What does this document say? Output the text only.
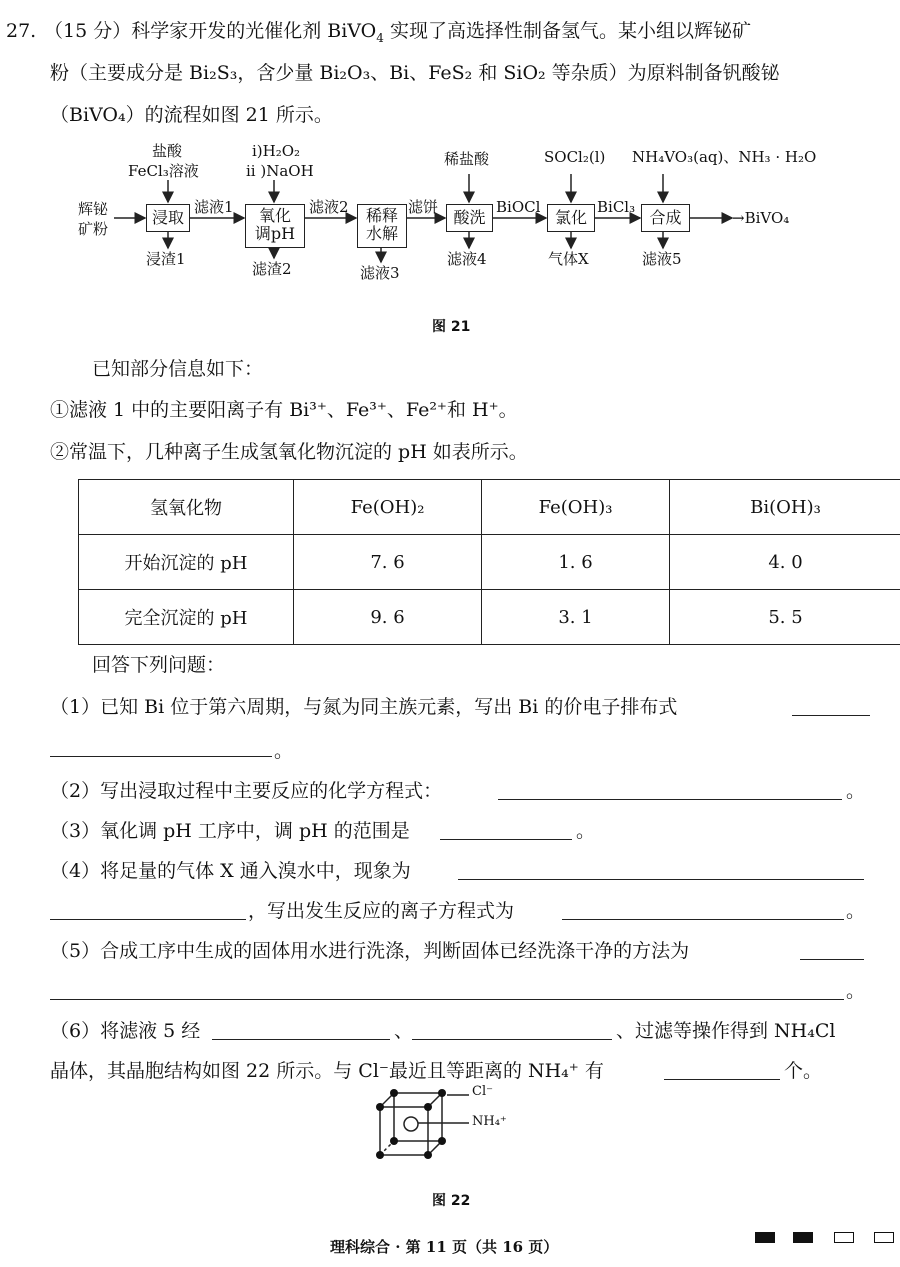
27. （15 分）科学家开发的光催化剂 BiVO$_4$ 实现了高选择性制备氢气。某小组以辉铋矿
粉（主要成分是 Bi₂S₃，含少量 Bi₂O₃、Bi、FeS₂ 和 SiO₂ 等杂质）为原料制备钒酸铋
（BiVO₄）的流程如图 21 所示。
辉铋
矿粉
盐酸
FeCl₃溶液
i)H₂O₂
ii )NaOH
稀盐酸	SOCl₂(l) NH₄VO₃(aq)、NH₃ · H₂O
浸取	氧化
调pH
稀释
水解
酸洗	氯化	合成
滤液1	滤液2	滤饼	BiOCl	BiCl₃
→BiVO₄
浸渣1
滤渣2	滤液3
滤液4	气体X	滤液5
图 21
已知部分信息如下：
①滤液 1 中的主要阳离子有 Bi³⁺、Fe³⁺、Fe²⁺和 H⁺。
②常温下，几种离子生成氢氧化物沉淀的 pH 如表所示。
氢氧化物	Fe(OH)₂	Fe(OH)₃	Bi(OH)₃
开始沉淀的 pH	7. 6	1. 6	4. 0
完全沉淀的 pH	9. 6	3. 1	5. 5
回答下列问题：
（1）已知 Bi 位于第六周期，与氮为同主族元素，写出 Bi 的价电子排布式
。
（2）写出浸取过程中主要反应的化学方程式：	。
（3）氧化调 pH 工序中，调 pH 的范围是	。
（4）将足量的气体 X 通入溴水中，现象为
，写出发生反应的离子方程式为	。
（5）合成工序中生成的固体用水进行洗涤，判断固体已经洗涤干净的方法为
。
（6）将滤液 5 经	、	、过滤等操作得到 NH₄Cl
晶体，其晶胞结构如图 22 所示。与 Cl⁻最近且等距离的 NH₄⁺ 有	个。
Cl⁻
NH₄⁺
图 22
理科综合 · 第 11 页（共 16 页）
